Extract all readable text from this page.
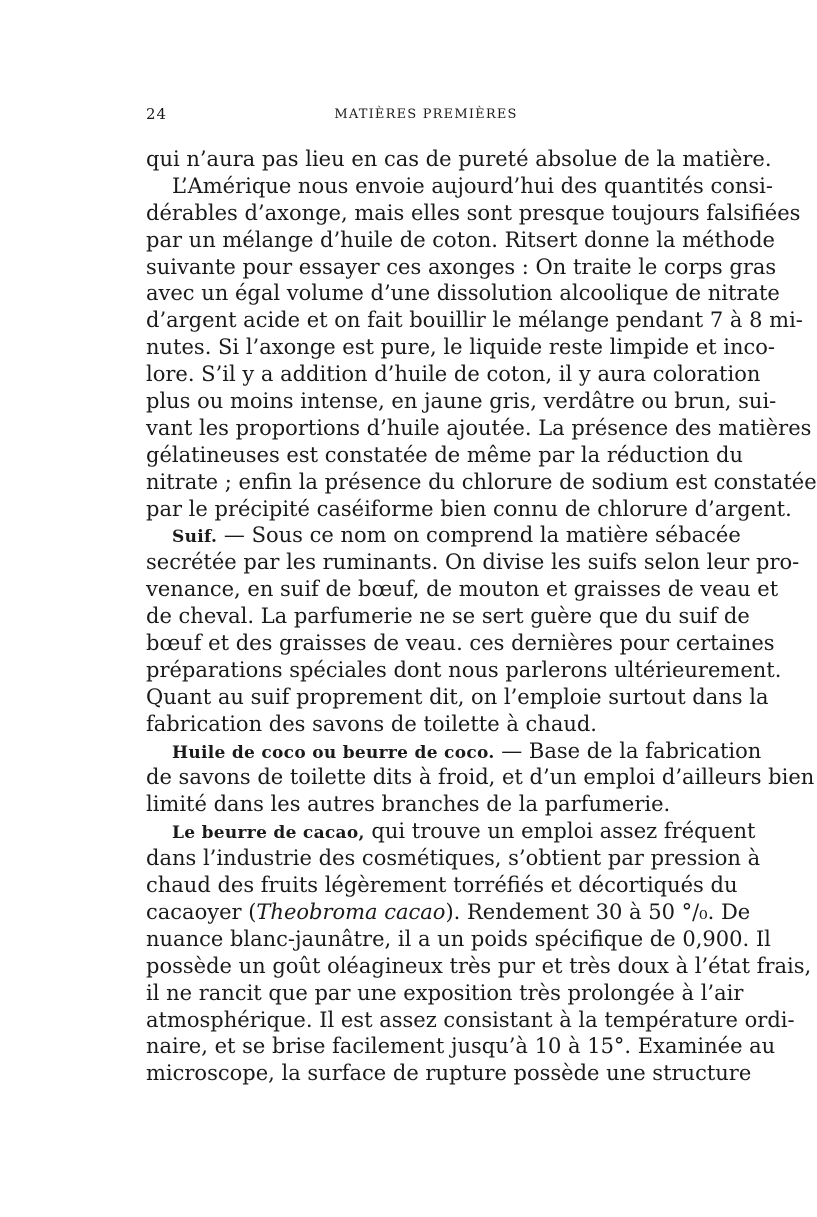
24	MATIÈRES PREMIÈRES
qui n’aura pas lieu en cas de pureté absolue de la matière.
L’Amérique nous envoie aujourd’hui des quantités consi-
dérables d’axonge, mais elles sont presque toujours falsifiées
par un mélange d’huile de coton. Ritsert donne la méthode
suivante pour essayer ces axonges : On traite le corps gras
avec un égal volume d’une dissolution alcoolique de nitrate
d’argent acide et on fait bouillir le mélange pendant 7 à 8 mi-
nutes. Si l’axonge est pure, le liquide reste limpide et inco-
lore. S’il y a addition d’huile de coton, il y aura coloration
plus ou moins intense, en jaune gris, verdâtre ou brun, sui-
vant les proportions d’huile ajoutée. La présence des matières
gélatineuses est constatée de même par la réduction du
nitrate ; enfin la présence du chlorure de sodium est constatée
par le précipité caséiforme bien connu de chlorure d’argent.
Suif. — Sous ce nom on comprend la matière sébacée
secrétée par les ruminants. On divise les suifs selon leur pro-
venance, en suif de bœuf, de mouton et graisses de veau et
de cheval. La parfumerie ne se sert guère que du suif de
bœuf et des graisses de veau. ces dernières pour certaines
préparations spéciales dont nous parlerons ultérieurement.
Quant au suif proprement dit, on l’emploie surtout dans la
fabrication des savons de toilette à chaud.
Huile de coco ou beurre de coco. — Base de la fabrication
de savons de toilette dits à froid, et d’un emploi d’ailleurs bien
limité dans les autres branches de la parfumerie.
Le beurre de cacao, qui trouve un emploi assez fréquent
dans l’industrie des cosmétiques, s’obtient par pression à
chaud des fruits légèrement torréfiés et décortiqués du
cacaoyer (Theobroma cacao). Rendement 30 à 50 °/₀. De
nuance blanc-jaunâtre, il a un poids spécifique de 0,900. Il
possède un goût oléagineux très pur et très doux à l’état frais,
il ne rancit que par une exposition très prolongée à l’air
atmosphérique. Il est assez consistant à la température ordi-
naire, et se brise facilement jusqu’à 10 à 15°. Examinée au
microscope, la surface de rupture possède une structure
